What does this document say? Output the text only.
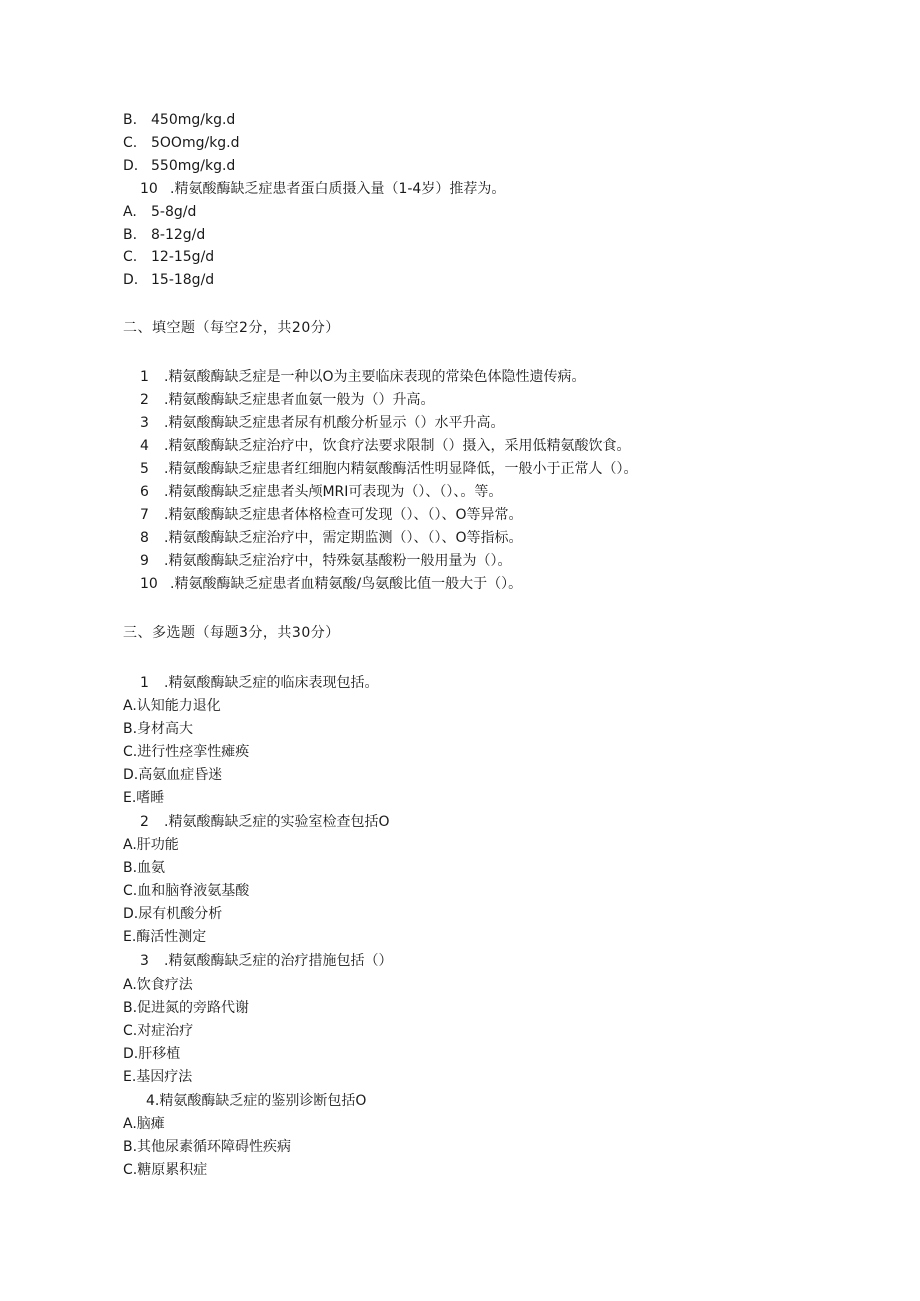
B. 450mg/kg.d
C. 5OOmg/kg.d
D. 550mg/kg.d
10 .精氨酸酶缺乏症患者蛋白质摄入量（1-4岁）推荐为。
A. 5-8g/d
B. 8-12g/d
C. 12-15g/d
D. 15-18g/d
二、填空题（每空2分，共20分）
1 .精氨酸酶缺乏症是一种以O为主要临床表现的常染色体隐性遗传病。
2 .精氨酸酶缺乏症患者血氨一般为（）升高。
3 .精氨酸酶缺乏症患者尿有机酸分析显示（）水平升高。
4 .精氨酸酶缺乏症治疗中，饮食疗法要求限制（）摄入，采用低精氨酸饮食。
5 .精氨酸酶缺乏症患者红细胞内精氨酸酶活性明显降低，一般小于正常人（）。
6 .精氨酸酶缺乏症患者头颅MRI可表现为（）、（）、。等。
7 .精氨酸酶缺乏症患者体格检查可发现（）、（）、O等异常。
8 .精氨酸酶缺乏症治疗中，需定期监测（）、（）、O等指标。
9 .精氨酸酶缺乏症治疗中，特殊氨基酸粉一般用量为（）。
10 .精氨酸酶缺乏症患者血精氨酸/鸟氨酸比值一般大于（）。
三、多选题（每题3分，共30分）
1 .精氨酸酶缺乏症的临床表现包括。
A.认知能力退化
B.身材高大
C.进行性痉挛性瘫痪
D.高氨血症昏迷
E.嗜睡
2 .精氨酸酶缺乏症的实验室检查包括O
A.肝功能
B.血氨
C.血和脑脊液氨基酸
D.尿有机酸分析
E.酶活性测定
3 .精氨酸酶缺乏症的治疗措施包括（）
A.饮食疗法
B.促进氮的旁路代谢
C.对症治疗
D.肝移植
E.基因疗法
4.精氨酸酶缺乏症的鉴别诊断包括O
A.脑瘫
B.其他尿素循环障碍性疾病
C.糖原累积症
